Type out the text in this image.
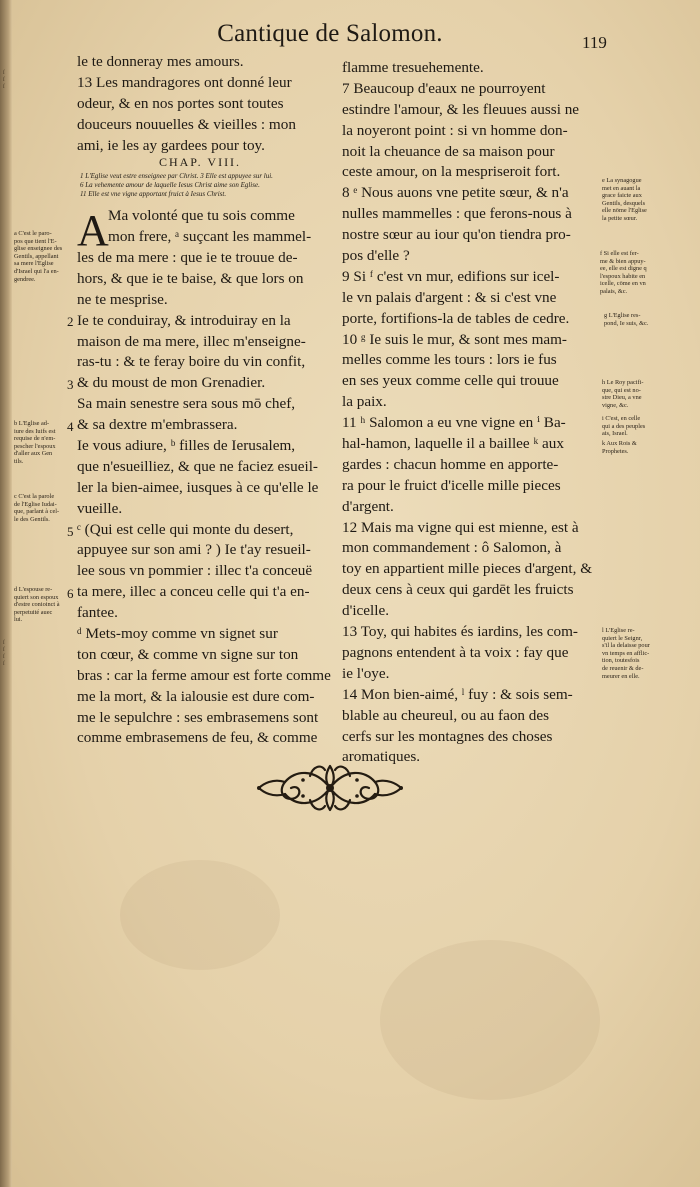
ſ
ſ
ſ
ſ
ſ
ſ
ſ
Cantique de Salomon.	119
le te donneray mes amours.
13 Les mandragores ont donné leur
odeur, & en nos portes sont toutes
douceurs nouuelles & vieilles : mon
ami, ie les ay gardees pour toy.
CHAP. VIII.
1 L'Eglise veut estre enseignee par Christ. 3 Elle est appuyee sur lui.
6 La vehemente amour de laquelle Iesus Christ aime son Eglise.
11 Elle est vne vigne apportant fruict à Iesus Christ.
A Ma volonté que tu sois comme
mon frere, ᵃ suçcant les mammel-
les de ma mere : que ie te trouue de-
hors, & que ie te baise, & que lors on
ne te mesprise.
Ie te conduiray, & introduiray en la
maison de ma mere, illec m'enseigne-
ras-tu : & te feray boire du vin confit,
& du moust de mon Grenadier.
Sa main senestre sera sous mō chef,
& sa dextre m'embrassera.
Ie vous adiure, ᵇ filles de Ierusalem,
que n'esueilliez, & que ne faciez esueil-
ler la bien-aimee, iusques à ce qu'elle le
vueille.
ᶜ (Qui est celle qui monte du desert,
appuyee sur son ami ? ) Ie t'ay resueil-
lee sous vn pommier : illec t'a conceuë
ta mere, illec a conceu celle qui t'a en-
fantee.
ᵈ Mets-moy comme vn signet sur
ton cœur, & comme vn signe sur ton
bras : car la ferme amour est forte comme
me la mort, & la ialousie est dure com-
me le sepulchre : ses embrasemens sont
comme embrasemens de feu, & comme
2
3
4
5
6
flamme tresuehemente.
7 Beaucoup d'eaux ne pourroyent
estindre l'amour, & les fleuues aussi ne
la noyeront point : si vn homme don-
noit la cheuance de sa maison pour
ceste amour, on la mespriseroit fort.
8 ᵉ Nous auons vne petite sœur, & n'a
nulles mammelles : que ferons-nous à
nostre sœur au iour qu'on tiendra pro-
pos d'elle ?
9 Si ᶠ c'est vn mur, edifions sur icel-
le vn palais d'argent : & si c'est vne
porte, fortifions-la de tables de cedre.
10 ᵍ Ie suis le mur, & sont mes mam-
melles comme les tours : lors ie fus
en ses yeux comme celle qui trouue
la paix.
11 ʰ Salomon a eu vne vigne en ⁱ Ba-
hal-hamon, laquelle il a baillee ᵏ aux
gardes : chacun homme en apporte-
ra pour le fruict d'icelle mille pieces
d'argent.
12 Mais ma vigne qui est mienne, est à
mon commandement : ô Salomon, à
toy en appartient mille pieces d'argent, &
deux cens à ceux qui gardēt les fruicts
d'icelle.
13 Toy, qui habites és iardins, les com-
pagnons entendent à ta voix : fay que
ie l'oye.
14 Mon bien-aimé, ˡ fuy : & sois sem-
blable au cheureul, ou au faon des
cerfs sur les montagnes des choses
aromatiques.
a C'est le paro-
pos que tient l'E-
glise enseignee des
Gentils, appellant
sa mere l'Eglise
d'Israel qui l'a en-
gendree.
b L'Eglise ad-
iure des Iuifs est
requise de n'em-
pescher l'espoux
d'aller aux Gen
tils.
c C'est la parole
de l'Eglise Iudai-
que, parlant à cel-
le des Gentils.
d L'espouse re-
quiert son espoux
d'estre conioinct à
perpetuité auec
lui.
e La synagogue
met en auant la
grace faicte aux
Gentils, desquels
elle nōme l'Eglise
la petite sœur.
f Si elle est fer-
me & bien appuy-
ee, elle est digne q
l'espoux habite en
icelle, cōme en vn
palais, &c.
g L'Eglise res-
pond, Ie suis, &c.
h Le Roy pacifi-
que, qui est no-
stre Dieu, a vne
vigne, &c.
i C'est, en celle
qui a des peuples
ais, Israel.
k Aux Rois &
Prophetes.
l L'Eglise re-
quiert le Seignr,
s'il la delaisse pour
vn temps en afflic-
tion, toutesfois
de reuenir & de-
meurer en elle.
